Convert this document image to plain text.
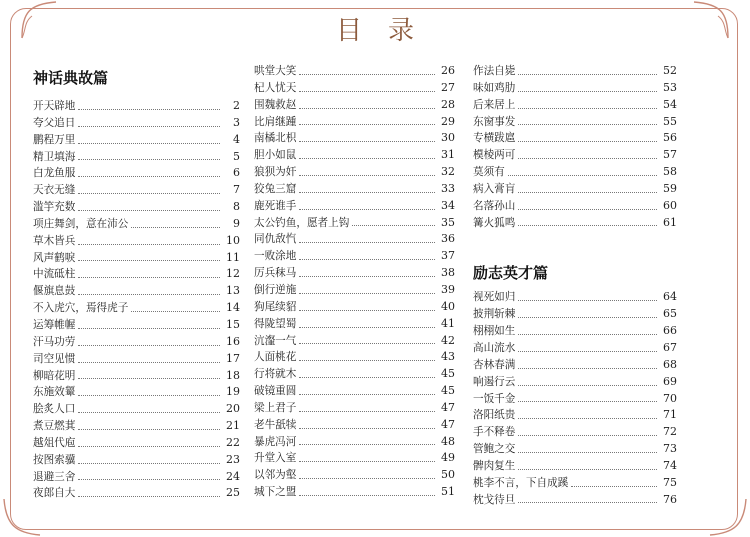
目录
神话典故篇
开天辟地	2
夸父追日	3
鹏程万里	4
精卫填海	5
白龙鱼服	6
天衣无缝	7
滥竽充数	8
项庄舞剑，意在沛公	9
草木皆兵	10
风声鹤唳	11
中流砥柱	12
偃旗息鼓	13
不入虎穴，焉得虎子	14
运筹帷幄	15
汗马功劳	16
司空见惯	17
柳暗花明	18
东施效颦	19
脍炙人口	20
煮豆燃萁	21
越俎代庖	22
按图索骥	23
退避三舍	24
夜郎自大	25
哄堂大笑	26
杞人忧天	27
围魏救赵	28
比肩继踵	29
南橘北枳	30
胆小如鼠	31
狼狈为奸	32
狡兔三窟	33
鹿死谁手	34
太公钓鱼，愿者上钩	35
同仇敌忾	36
一败涂地	37
厉兵秣马	38
倒行逆施	39
狗尾续貂	40
得陇望蜀	41
沆瀣一气	42
人面桃花	43
行将就木	45
破镜重圆	45
梁上君子	47
老牛舐犊	47
暴虎冯河	48
升堂入室	49
以邻为壑	50
城下之盟	51
作法自毙	52
味如鸡肋	53
后来居上	54
东窗事发	55
专横跋扈	56
模棱两可	57
莫须有	58
病入膏肓	59
名落孙山	60
篝火狐鸣	61
励志英才篇
视死如归	64
披荆斩棘	65
栩栩如生	66
高山流水	67
杏林春满	68
响遏行云	69
一饭千金	70
洛阳纸贵	71
手不释卷	72
管鲍之交	73
髀肉复生	74
桃李不言，下自成蹊	75
枕戈待旦	76
